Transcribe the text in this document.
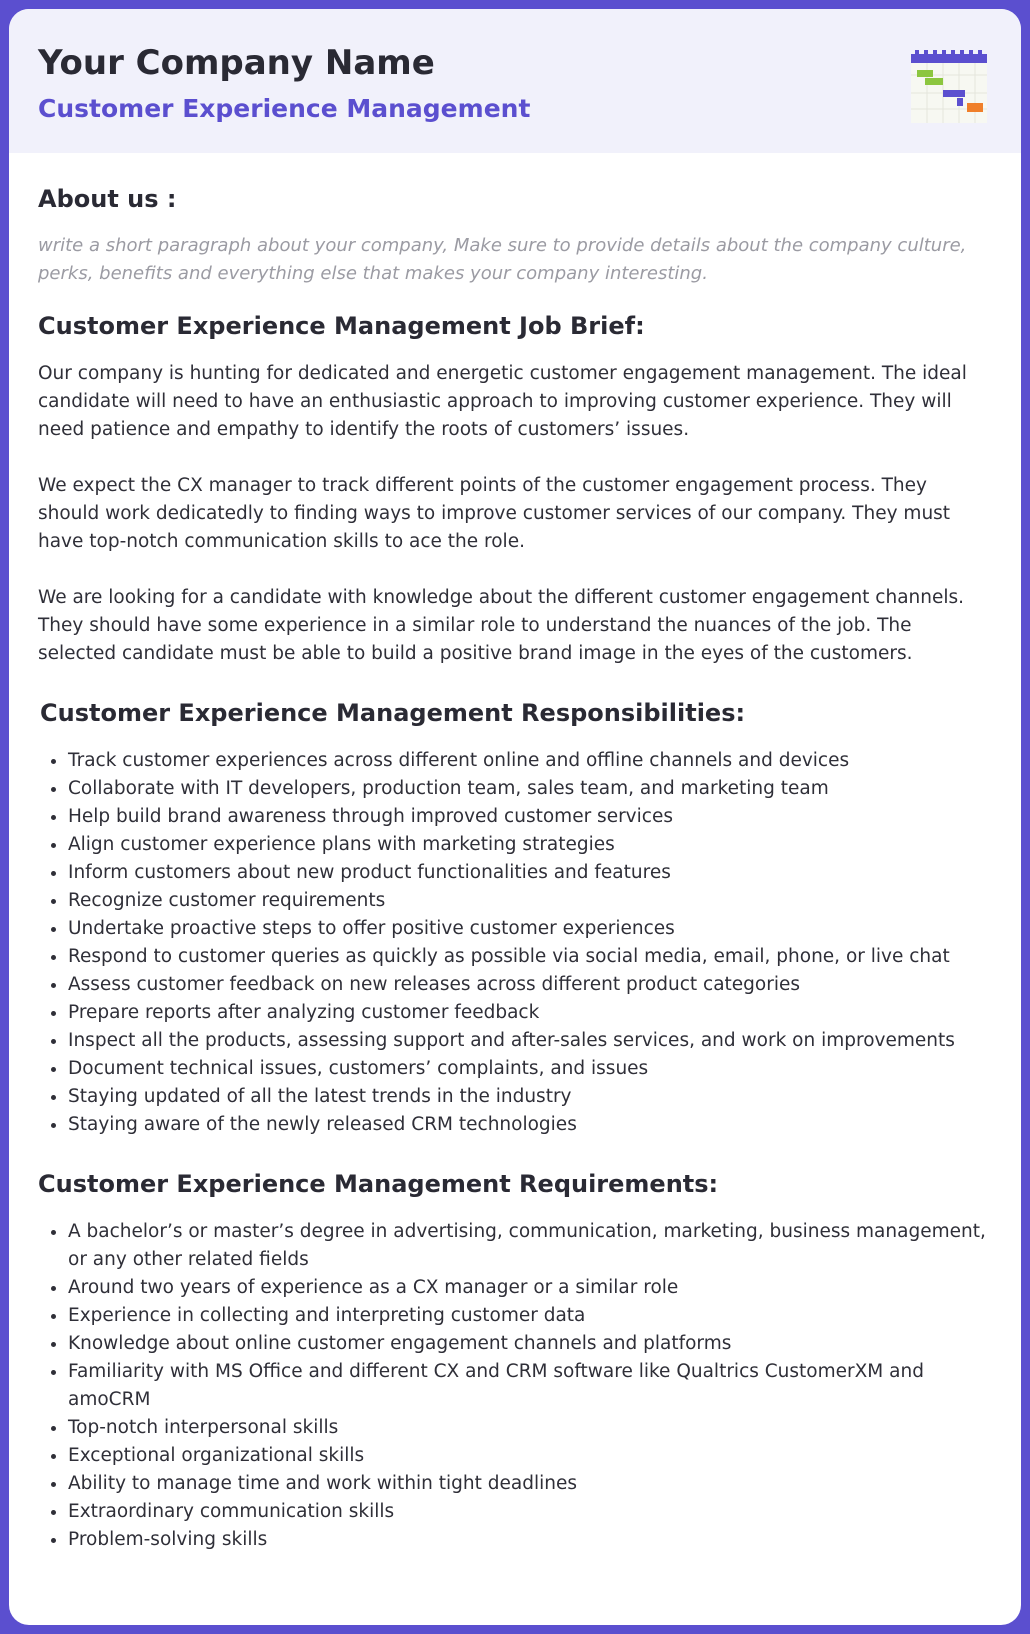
Your Company Name

Customer Experience Management

About us :

write a short paragraph about your company, Make sure to provide details about the company culture, perks, benefits and everything else that makes your company interesting.

Customer Experience Management Job Brief:

Our company is hunting for dedicated and energetic customer engagement management. The ideal candidate will need to have an enthusiastic approach to improving customer experience. They will need patience and empathy to identify the roots of customers’ issues.

We expect the CX manager to track different points of the customer engagement process. They should work dedicatedly to finding ways to improve customer services of our company. They must have top-notch communication skills to ace the role.

We are looking for a candidate with knowledge about the different customer engagement channels. They should have some experience in a similar role to understand the nuances of the job. The selected candidate must be able to build a positive brand image in the eyes of the customers.

Customer Experience Management Responsibilities:
• Track customer experiences across different online and offline channels and devices
• Collaborate with IT developers, production team, sales team, and marketing team
• Help build brand awareness through improved customer services
• Align customer experience plans with marketing strategies
• Inform customers about new product functionalities and features
• Recognize customer requirements
• Undertake proactive steps to offer positive customer experiences
• Respond to customer queries as quickly as possible via social media, email, phone, or live chat
• Assess customer feedback on new releases across different product categories
• Prepare reports after analyzing customer feedback
• Inspect all the products, assessing support and after-sales services, and work on improvements
• Document technical issues, customers’ complaints, and issues
• Staying updated of all the latest trends in the industry
• Staying aware of the newly released CRM technologies
Customer Experience Management Requirements:
• A bachelor’s or master’s degree in advertising, communication, marketing, business management, or any other related fields
• Around two years of experience as a CX manager or a similar role
• Experience in collecting and interpreting customer data
• Knowledge about online customer engagement channels and platforms
• Familiarity with MS Office and different CX and CRM software like Qualtrics CustomerXM and amoCRM
• Top-notch interpersonal skills
• Exceptional organizational skills
• Ability to manage time and work within tight deadlines
• Extraordinary communication skills
• Problem-solving skills
